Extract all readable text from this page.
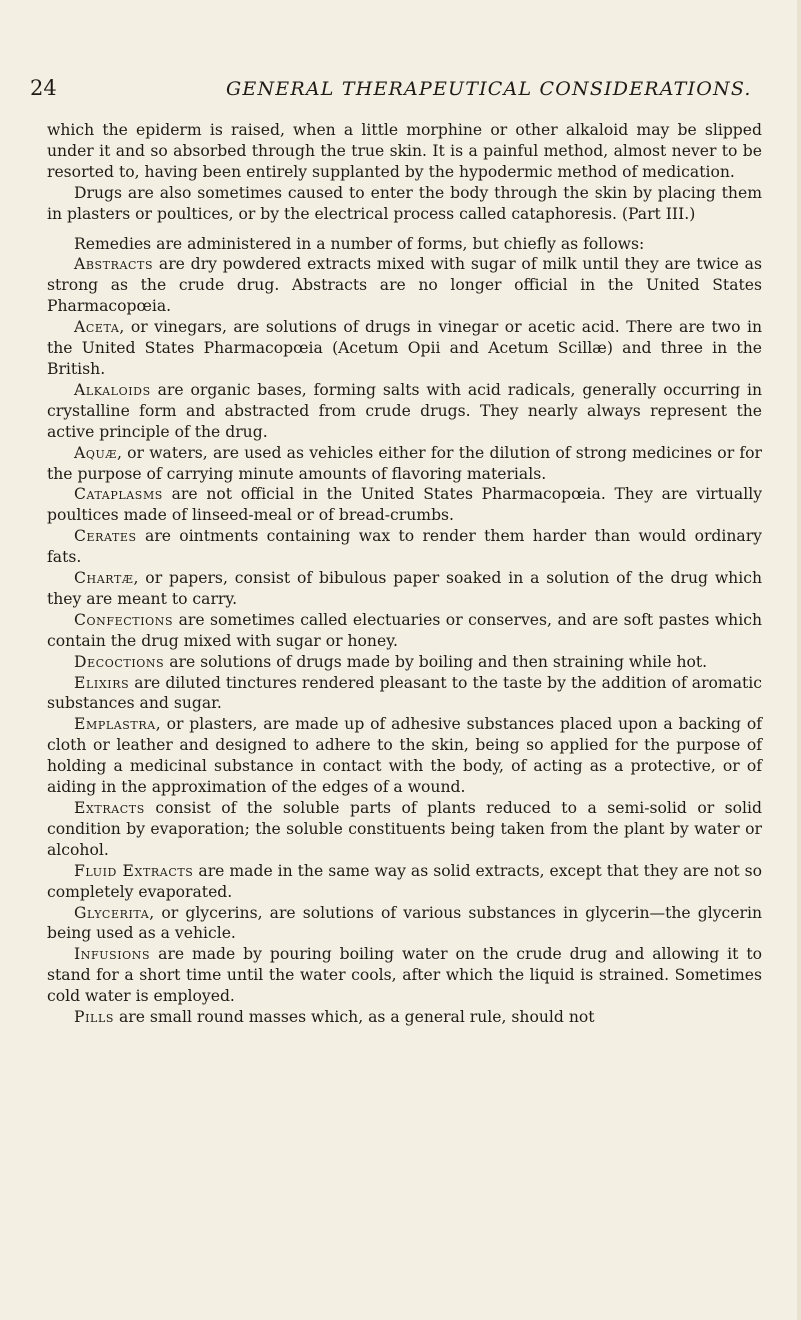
24	GENERAL THERAPEUTICAL CONSIDERATIONS.

which the epiderm is raised, when a little morphine or other alkaloid may be slipped under it and so absorbed through the true skin. It is a painful method, almost never to be resorted to, having been entirely supplanted by the hypodermic method of medication.

Drugs are also sometimes caused to enter the body through the skin by placing them in plasters or poultices, or by the electrical process called cataphoresis. (Part III.)

Remedies are administered in a number of forms, but chiefly as follows:

Abstracts are dry powdered extracts mixed with sugar of milk until they are twice as strong as the crude drug. Abstracts are no longer official in the United States Pharmacopœia.

Aceta, or vinegars, are solutions of drugs in vinegar or acetic acid. There are two in the United States Pharmacopœia (Acetum Opii and Acetum Scillæ) and three in the British.

Alkaloids are organic bases, forming salts with acid radicals, generally occurring in crystalline form and abstracted from crude drugs. They nearly always represent the active principle of the drug.

Aquæ, or waters, are used as vehicles either for the dilution of strong medicines or for the purpose of carrying minute amounts of flavoring materials.

Cataplasms are not official in the United States Pharmacopœia. They are virtually poultices made of linseed-meal or of bread-crumbs.

Cerates are ointments containing wax to render them harder than would ordinary fats.

Chartæ, or papers, consist of bibulous paper soaked in a solution of the drug which they are meant to carry.

Confections are sometimes called electuaries or conserves, and are soft pastes which contain the drug mixed with sugar or honey.

Decoctions are solutions of drugs made by boiling and then straining while hot.

Elixirs are diluted tinctures rendered pleasant to the taste by the addition of aromatic substances and sugar.

Emplastra, or plasters, are made up of adhesive substances placed upon a backing of cloth or leather and designed to adhere to the skin, being so applied for the purpose of holding a medicinal substance in contact with the body, of acting as a protective, or of aiding in the approximation of the edges of a wound.

Extracts consist of the soluble parts of plants reduced to a semi-solid or solid condition by evaporation; the soluble constituents being taken from the plant by water or alcohol.

Fluid Extracts are made in the same way as solid extracts, except that they are not so completely evaporated.

Glycerita, or glycerins, are solutions of various substances in glycerin—the glycerin being used as a vehicle.

Infusions are made by pouring boiling water on the crude drug and allowing it to stand for a short time until the water cools, after which the liquid is strained. Sometimes cold water is employed.

Pills are small round masses which, as a general rule, should not
